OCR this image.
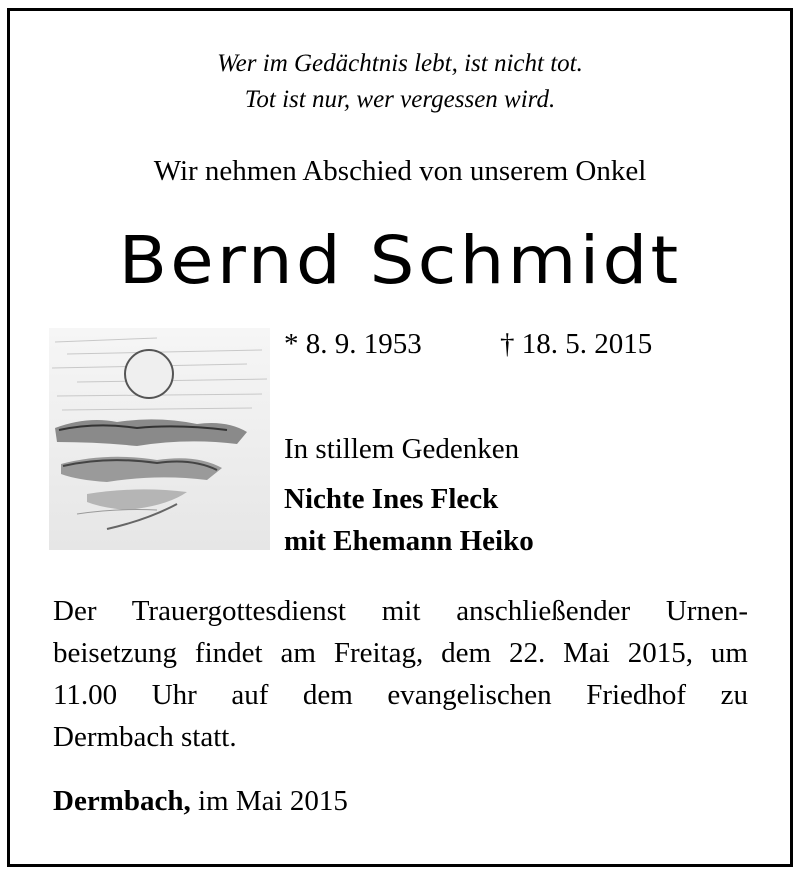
Wer im Gedächtnis lebt, ist nicht tot.
Tot ist nur, wer vergessen wird.
Wir nehmen Abschied von unserem Onkel
Bernd Schmidt
* 8. 9. 1953	† 18. 5. 2015
In stillem Gedenken
Nichte Ines Fleck
mit Ehemann Heiko
Der Trauergottesdienst mit anschließender Urnen-
beisetzung findet am Freitag, dem 22. Mai 2015, um
11.00 Uhr auf dem evangelischen Friedhof zu
Dermbach statt.
Dermbach, im Mai 2015
